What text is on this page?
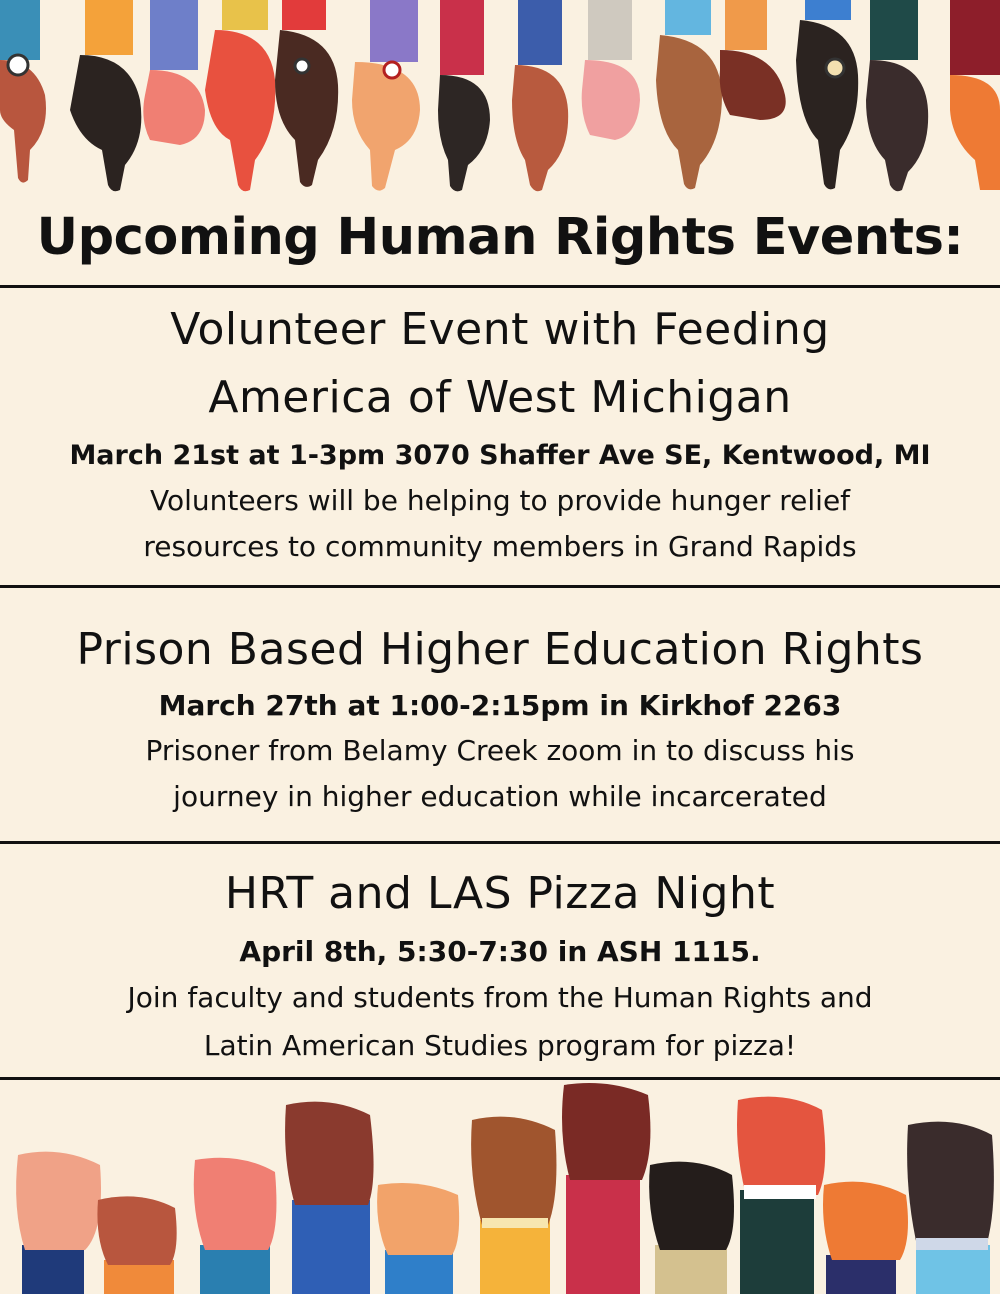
Upcoming Human Rights Events:
Volunteer Event with Feeding
America of West Michigan
March 21st at 1-3pm 3070 Shaffer Ave SE, Kentwood, MI
Volunteers will be helping to provide hunger relief
resources to community members in Grand Rapids
Prison Based Higher Education Rights
March 27th at 1:00-2:15pm in Kirkhof 2263
Prisoner from Belamy Creek zoom in to discuss his
journey in higher education while incarcerated
HRT and LAS Pizza Night
April 8th, 5:30-7:30 in ASH 1115.
Join faculty and students from the Human Rights and
Latin American Studies program for pizza!
